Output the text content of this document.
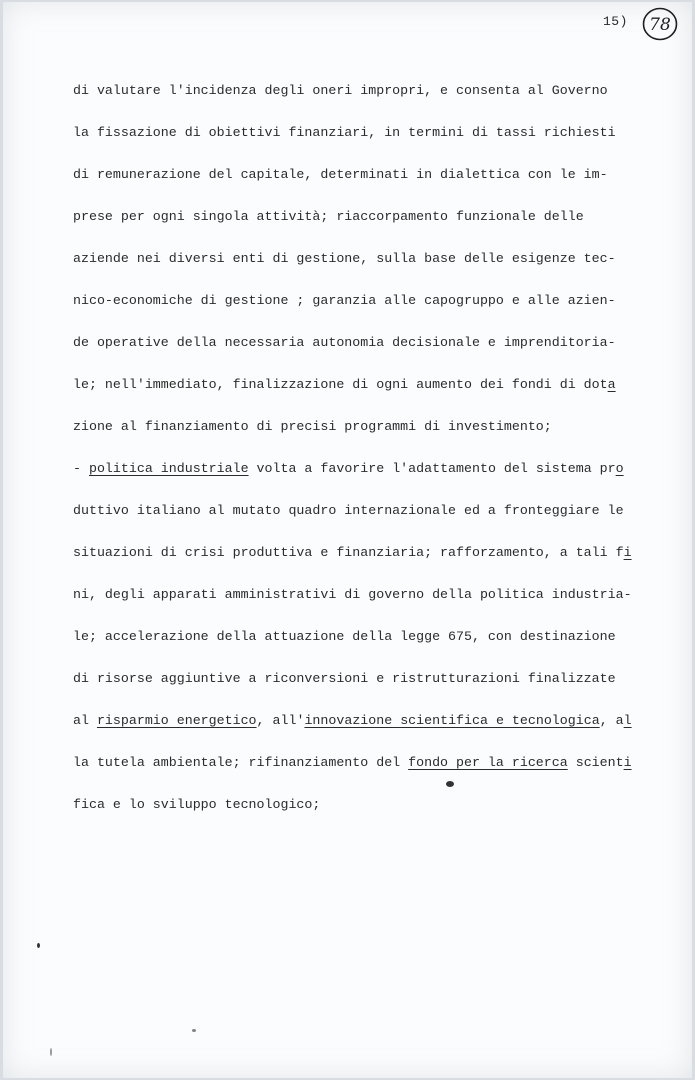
15) 78
di valutare l'incidenza degli oneri impropri, e consenta al Governo
la fissazione di obiettivi finanziari, in termini di tassi richiesti
di remunerazione del capitale, determinati in dialettica con le im-
prese per ogni singola attività; riaccorpamento funzionale delle
aziende nei diversi enti di gestione, sulla base delle esigenze tec-
nico-economiche di gestione ; garanzia alle capogruppo e alle azien-
de operative della necessaria autonomia decisionale e imprenditoria-
le; nell'immediato, finalizzazione di ogni aumento dei fondi di dota
zione al finanziamento di precisi programmi di investimento;
- politica industriale volta a favorire l'adattamento del sistema pro
duttivo italiano al mutato quadro internazionale ed a fronteggiare le
situazioni di crisi produttiva e finanziaria; rafforzamento, a tali fi
ni, degli apparati amministrativi di governo della politica industria-
le; accelerazione della attuazione della legge 675, con destinazione
di risorse aggiuntive a riconversioni e ristrutturazioni finalizzate
al risparmio energetico, all'innovazione scientifica e tecnologica, al
la tutela ambientale; rifinanziamento del fondo per la ricerca scienti
fica e lo sviluppo tecnologico;
